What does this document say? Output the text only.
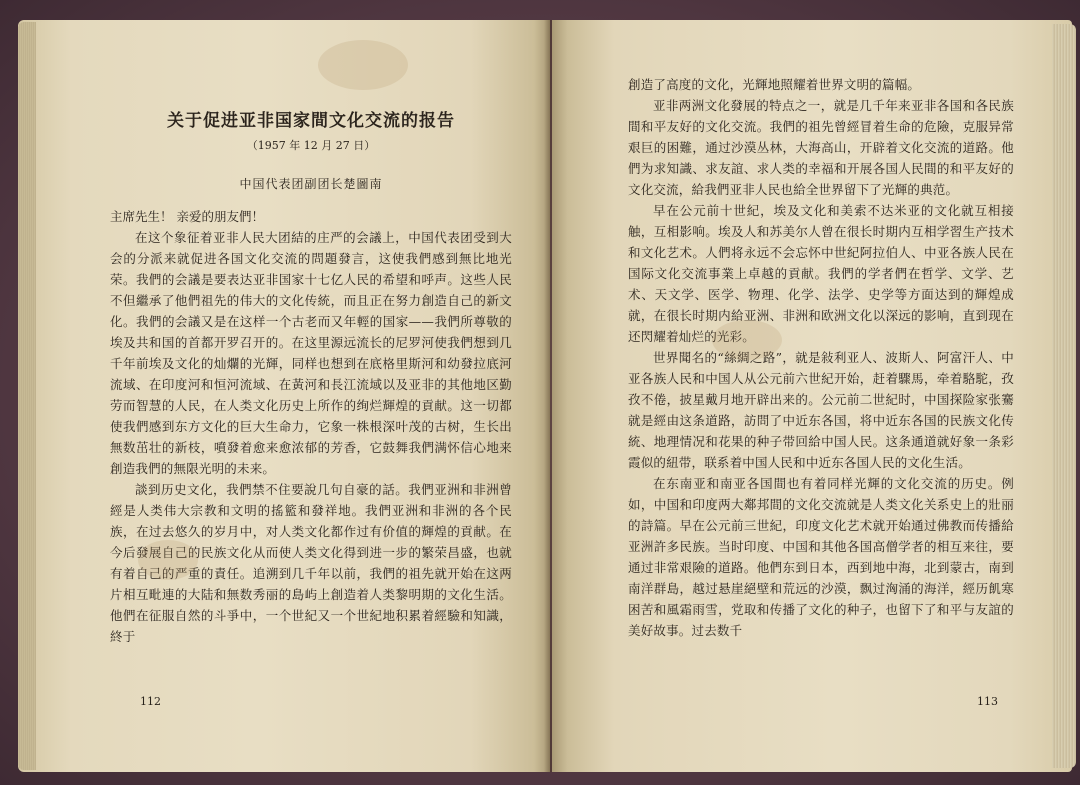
关于促进亚非国家間文化交流的报告
（1957 年 12 月 27 日）
中国代表团副团长楚圖南

主席先生！ 亲爱的朋友們！

在这个象征着亚非人民大团結的庄严的会議上，中国代表团受到大会的分派来就促进各国文化交流的問題發言，这使我們感到無比地光荣。我們的会議是要表达亚非国家十七亿人民的希望和呼声。这些人民不但繼承了他們祖先的伟大的文化传統，而且正在努力創造自己的新文化。我們的会議又是在这样一个古老而又年輕的国家——我們所尊敬的埃及共和国的首都开罗召开的。在这里源远流长的尼罗河使我們想到几千年前埃及文化的灿爛的光輝，同样也想到在底格里斯河和幼發拉底河流域、在印度河和恒河流域、在黃河和長江流域以及亚非的其他地区勤劳而智慧的人民，在人类文化历史上所作的绚烂輝煌的貢献。这一切都使我們感到东方文化的巨大生命力，它象一株根深叶茂的古树，生长出無数茁壮的新枝，噴發着愈来愈浓郁的芳香，它鼓舞我們满怀信心地来創造我們的無限光明的未来。

談到历史文化，我們禁不住要說几句自豪的話。我們亚洲和非洲曾經是人类伟大宗教和文明的搖籃和發祥地。我們亚洲和非洲的各个民族，在过去悠久的岁月中，对人类文化都作过有价值的輝煌的貢献。在今后發展自己的民族文化从而使人类文化得到进一步的繁荣昌盛，也就有着自己的严重的責任。追溯到几千年以前，我們的祖先就开始在这两片相互毗連的大陆和無数秀丽的島屿上創造着人类黎明期的文化生活。他們在征服自然的斗爭中，一个世紀又一个世紀地积累着經驗和知識，終于

112

創造了高度的文化，光輝地照耀着世界文明的篇幅。

亚非两洲文化發展的特点之一，就是几千年来亚非各国和各民族間和平友好的文化交流。我們的祖先曾經冒着生命的危險，克服异常艰巨的困難，通过沙漠丛林，大海高山，开辟着文化交流的道路。他們为求知識、求友誼、求人类的幸福和开展各国人民間的和平友好的文化交流，給我們亚非人民也給全世界留下了光輝的典范。

早在公元前十世紀，埃及文化和美索不达米亚的文化就互相接触，互相影响。埃及人和苏美尔人曾在很长时期内互相学習生产技术和文化艺术。人們将永远不会忘怀中世紀阿拉伯人、中亚各族人民在国际文化交流事業上卓越的貢献。我們的学者們在哲学、文学、艺术、天文学、医学、物理、化学、法学、史学等方面达到的輝煌成就，在很长时期内給亚洲、非洲和欧洲文化以深远的影响，直到现在还閃耀着灿烂的光彩。

世界聞名的“絲綢之路”，就是敍利亚人、波斯人、阿富汗人、中亚各族人民和中国人从公元前六世紀开始，赶着驟馬，牵着駱駝，孜孜不倦，披星戴月地开辟出来的。公元前二世紀时，中国探险家张騫就是經由这条道路，訪問了中近东各国，将中近东各国的民族文化传統、地理情况和花果的种子带回給中国人民。这条通道就好象一条彩霞似的紐带，联系着中国人民和中近东各国人民的文化生活。

在东南亚和南亚各国間也有着同样光輝的文化交流的历史。例如，中国和印度两大鄰邦間的文化交流就是人类文化关系史上的壯丽的詩篇。早在公元前三世紀，印度文化艺术就开始通过佛教而传播給亚洲許多民族。当时印度、中国和其他各国高僧学者的相互来往，要通过非常艰險的道路。他們东到日本，西到地中海，北到蒙古，南到南洋群島，越过悬崖絕壁和荒远的沙漠，飘过洶涌的海洋，經历飢寒困苦和風霜雨雪，党取和传播了文化的种子，也留下了和平与友誼的美好故事。过去数千

113
